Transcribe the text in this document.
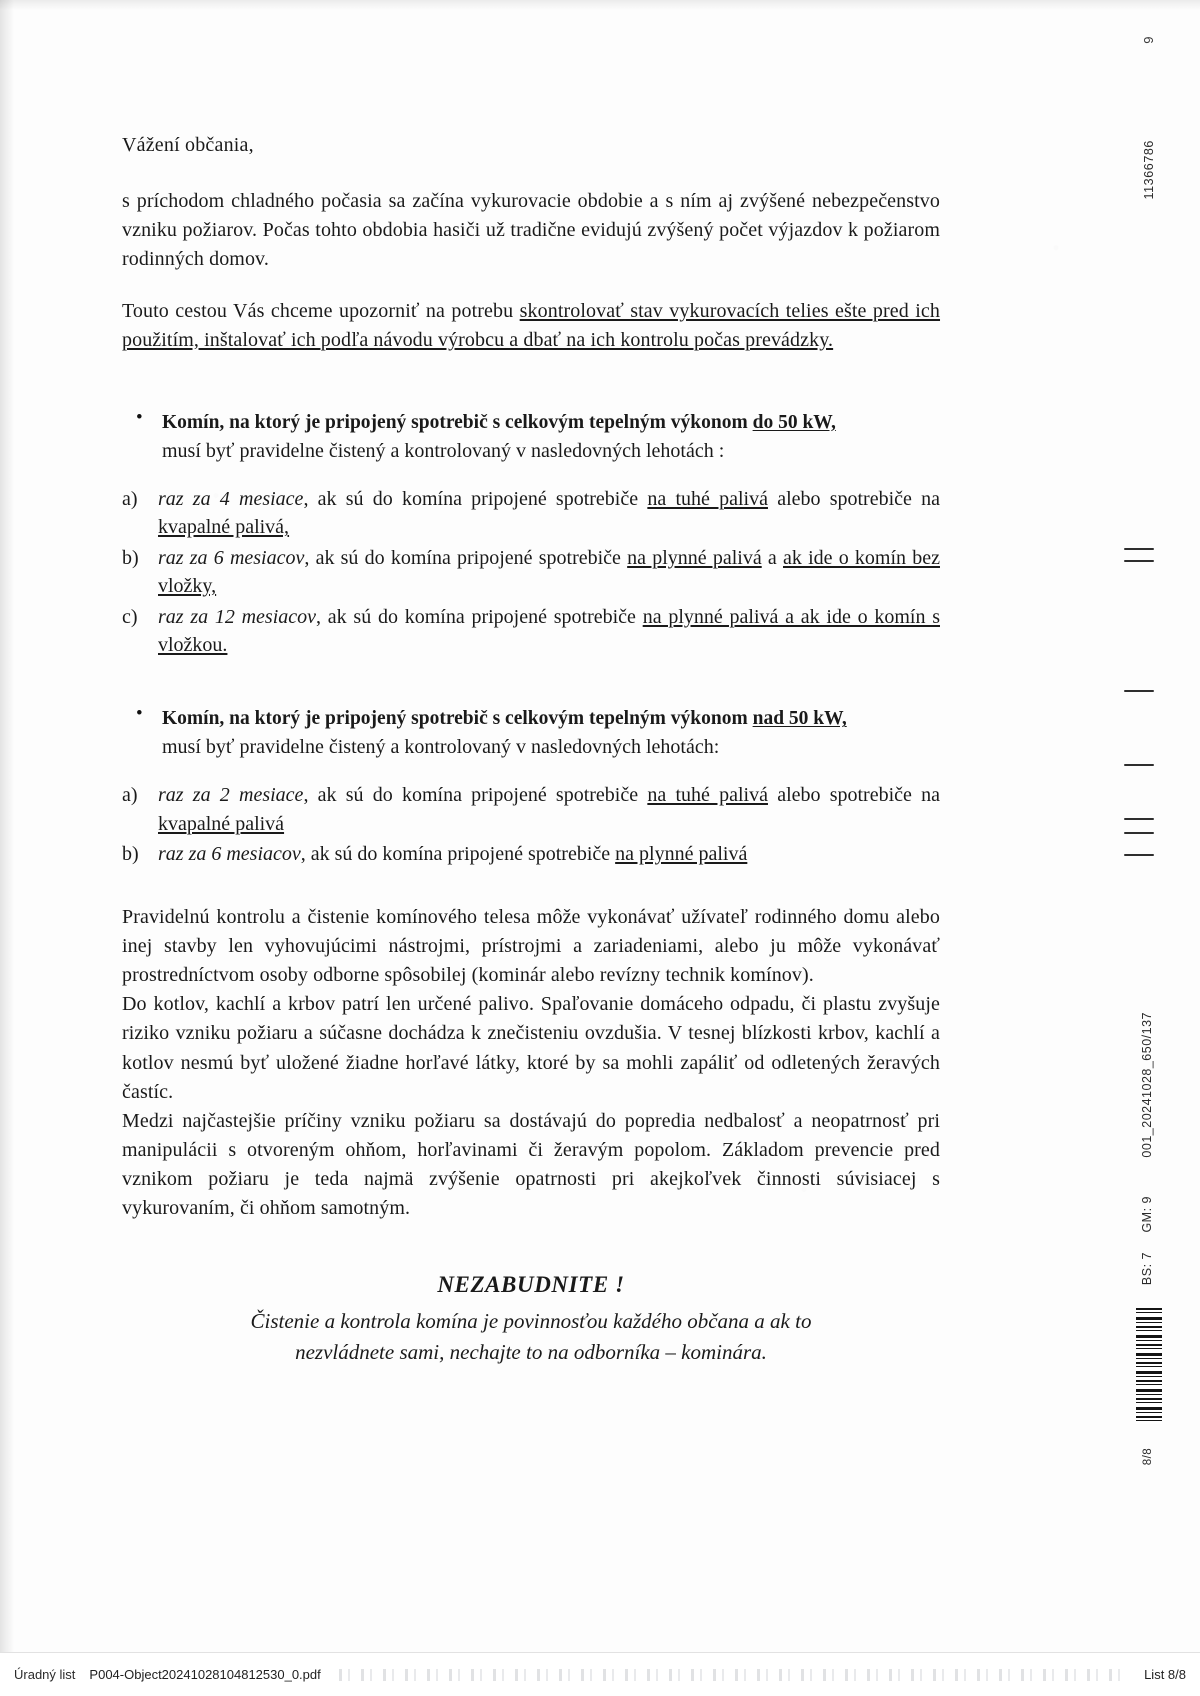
9
11366786
001_20241028_650/137
GM: 9
BS: 7
8/8
Vážení občania,

s príchodom chladného počasia sa začína vykurovacie obdobie a s ním aj zvýšené nebezpečenstvo vzniku požiarov. Počas tohto obdobia hasiči už tradične evidujú zvýšený počet výjazdov k požiarom rodinných domov.

Touto cestou Vás chceme upozorniť na potrebu skontrolovať stav vykurovacích telies ešte pred ich použitím, inštalovať ich podľa návodu výrobcu a dbať na ich kontrolu počas prevádzky.

• Komín, na ktorý je pripojený spotrebič s celkovým tepelným výkonom do 50 kW,
musí byť pravidelne čistený a kontrolovaný v nasledovných lehotách :
a) raz za 4 mesiace, ak sú do komína pripojené spotrebiče na tuhé palivá alebo spotrebiče na kvapalné palivá,
b) raz za 6 mesiacov, ak sú do komína pripojené spotrebiče na plynné palivá a ak ide o komín bez vložky,
c) raz za 12 mesiacov, ak sú do komína pripojené spotrebiče na plynné palivá a ak ide o komín s vložkou.
• Komín, na ktorý je pripojený spotrebič s celkovým tepelným výkonom nad 50 kW,
musí byť pravidelne čistený a kontrolovaný v nasledovných lehotách:
a) raz za 2 mesiace, ak sú do komína pripojené spotrebiče na tuhé palivá alebo spotrebiče na kvapalné palivá
b) raz za 6 mesiacov, ak sú do komína pripojené spotrebiče na plynné palivá

Pravidelnú kontrolu a čistenie komínového telesa môže vykonávať užívateľ rodinného domu alebo inej stavby len vyhovujúcimi nástrojmi, prístrojmi a zariadeniami, alebo ju môže vykonávať prostredníctvom osoby odborne spôsobilej (kominár alebo revízny technik komínov).

Do kotlov, kachlí a krbov patrí len určené palivo. Spaľovanie domáceho odpadu, či plastu zvyšuje riziko vzniku požiaru a súčasne dochádza k znečisteniu ovzdušia. V tesnej blízkosti krbov, kachlí a kotlov nesmú byť uložené žiadne horľavé látky, ktoré by sa mohli zapáliť od odletených žeravých častíc.

Medzi najčastejšie príčiny vzniku požiaru sa dostávajú do popredia nedbalosť a neopatrnosť pri manipulácii s otvoreným ohňom, horľavinami či žeravým popolom. Základom prevencie pred vznikom požiaru je teda najmä zvýšenie opatrnosti pri akejkoľvek činnosti súvisiacej s vykurovaním, či ohňom samotným.

NEZABUDNITE !
Čistenie a kontrola komína je povinnosťou každého občana a ak to
nezvládnete sami, nechajte to na odborníka – kominára.
Úradný list P004-Object20241028104812530_0.pdf	List 8/8
